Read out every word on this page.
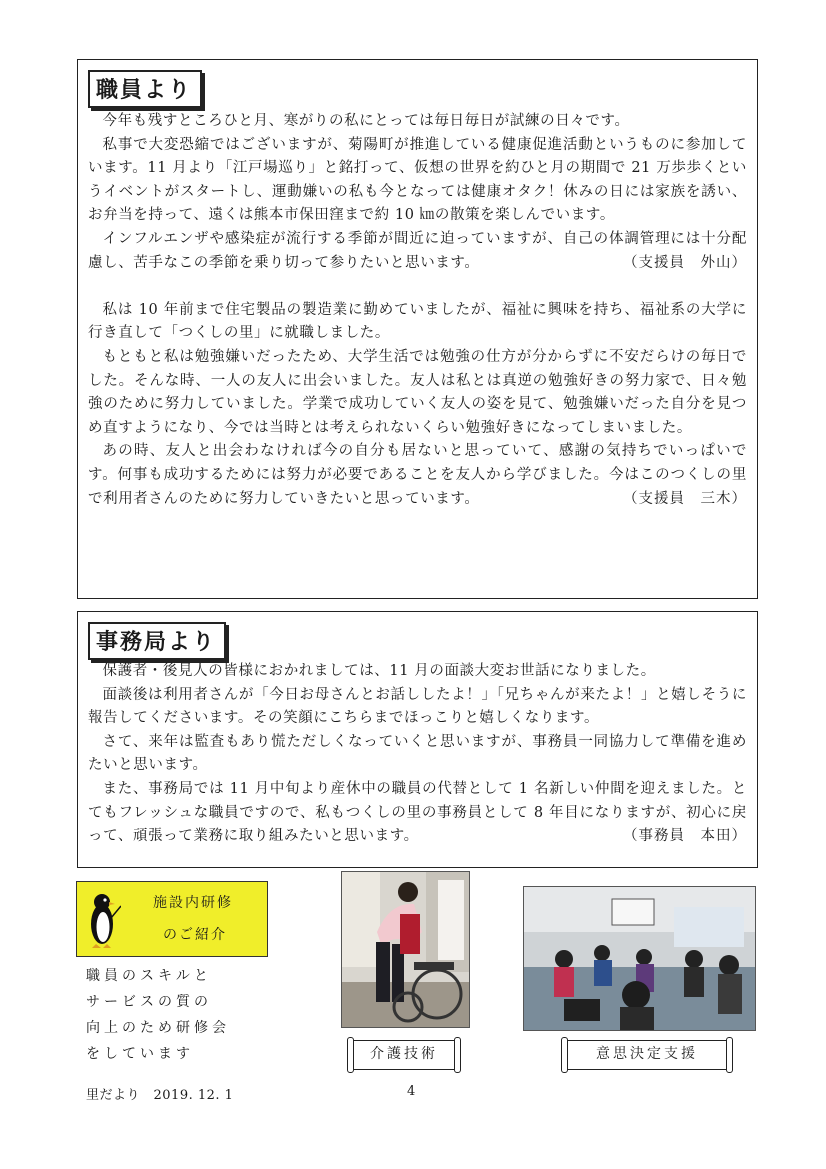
職員より

今年も残すところひと月、寒がりの私にとっては毎日毎日が試練の日々です。

私事で大変恐縮ではございますが、菊陽町が推進している健康促進活動というものに参加しています。11 月より「江戸場巡り」と銘打って、仮想の世界を約ひと月の期間で 21 万歩歩くというイベントがスタートし、運動嫌いの私も今となっては健康オタク！休みの日には家族を誘い、お弁当を持って、遠くは熊本市保田窪まで約 10 ㎞の散策を楽しんでいます。

インフルエンザや感染症が流行する季節が間近に迫っていますが、自己の体調管理には十分配慮し、苦手なこの季節を乗り切って参りたいと思います。	（支援員　外山）

私は 10 年前まで住宅製品の製造業に勤めていましたが、福祉に興味を持ち、福祉系の大学に行き直して「つくしの里」に就職しました。

もともと私は勉強嫌いだったため、大学生活では勉強の仕方が分からずに不安だらけの毎日でした。そんな時、一人の友人に出会いました。友人は私とは真逆の勉強好きの努力家で、日々勉強のために努力していました。学業で成功していく友人の姿を見て、勉強嫌いだった自分を見つめ直すようになり、今では当時とは考えられないくらい勉強好きになってしまいました。

あの時、友人と出会わなければ今の自分も居ないと思っていて、感謝の気持ちでいっぱいです。何事も成功するためには努力が必要であることを友人から学びました。今はこのつくしの里で利用者さんのために努力していきたいと思っています。	（支援員　三木）

事務局より

保護者・後見人の皆様におかれましては、11 月の面談大変お世話になりました。

面談後は利用者さんが「今日お母さんとお話ししたよ！」「兄ちゃんが来たよ！」と嬉しそうに報告してくださいます。その笑顔にこちらまでほっこりと嬉しくなります。

さて、来年は監査もあり慌ただしくなっていくと思いますが、事務員一同協力して準備を進めたいと思います。

また、事務局では 11 月中旬より産休中の職員の代替として 1 名新しい仲間を迎えました。とてもフレッシュな職員ですので、私もつくしの里の事務員として 8 年目になりますが、初心に戻って、頑張って業務に取り組みたいと思います。	（事務員　本田）

施設内研修
のご紹介
職員のスキルと
サービスの質の
向上のため研修会
をしています	介護技術	意思決定支援
里だより　2019. 12. 1	4
